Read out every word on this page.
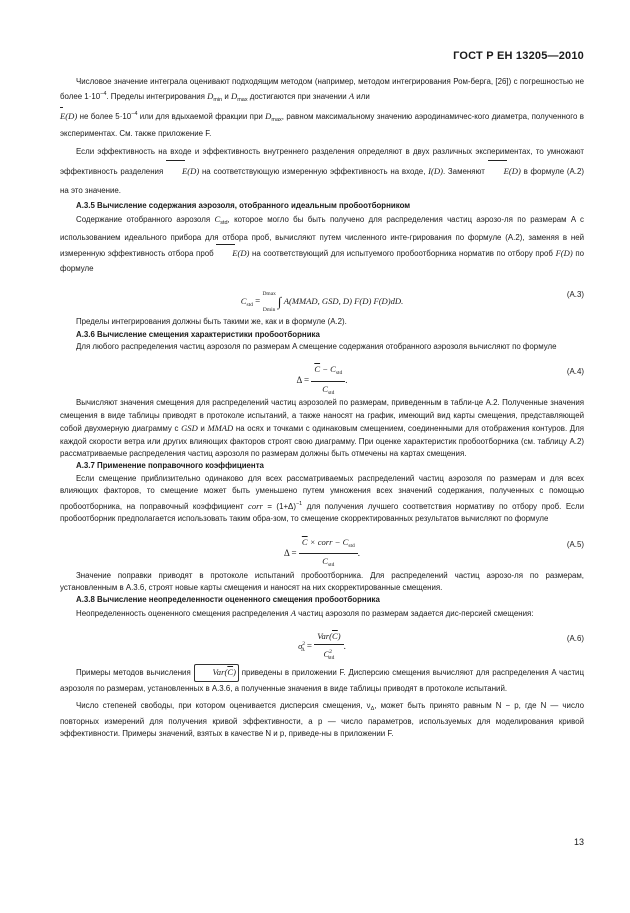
ГОСТ Р ЕН 13205—2010

Числовое значение интеграла оценивают подходящим методом (например, методом интегрирования Ром-берга, [26]) с погрешностью не более $1\cdot 10^{-4}$. Пределы интегрирования $D_{min}$ и $D_{max}$ достигаются при значении A или

E(D) не более $5\cdot 10^{-4}$ или для вдыхаемой фракции при $D_{max}$, равном максимальному значению аэродинамичес-кого диаметра, полученного в экспериментах. См. также приложение F.

Если эффективность на входе и эффективность внутреннего разделения определяют в двух различных экспериментах, то умножают эффективность разделения
E(D) на соответствующую измеренную эффективность на входе, I(D). Заменяют
E(D) в формуле (A.2) на это значение.

A.3.5 Вычисление содержания аэрозоля, отобранного идеальным пробоотборником

Содержание отобранного аэрозоля $C_{std}$, которое могло бы быть получено для распределения частиц аэрозо-ля по размерам A с использованием идеального прибора для отбора проб, вычисляют путем численного инте-грирования по формуле (A.2), заменяя в ней измеренную эффективность отбора проб
E(D) на соответствующий для испытуемого пробоотборника норматив по отбору проб F(D) по формуле

$C_{std} = Dmax$
Dmin∫ A(MMAD, GSD, D) F(D) F(D)dD.
(A.3)

Пределы интегрирования должны быть такими же, как и в формуле (A.2).

A.3.6 Вычисление смещения характеристики пробоотборника

Для любого распределения частиц аэрозоля по размерам A смещение содержания отобранного аэрозоля вычисляют по формуле

$\Delta = \frac{\overline{C} - C_{std}}{C_{std}}$ .
(A.4)

Вычисляют значения смещения для распределений частиц аэрозолей по размерам, приведенным в табли-це A.2. Полученные значения смещения в виде таблицы приводят в протоколе испытаний, а также наносят на график, имеющий вид карты смещения, представляющей собой двухмерную диаграмму с GSD и MMAD на осях и точками с одинаковым смещением, соединенными для отображения контуров. Для каждой скорости ветра или других влияющих факторов строят свою диаграмму. При оценке характеристик пробоотборника (см. таблицу A.2) рассматриваемые распределения частиц аэрозоля по размерам должны быть отмечены на картах смещения.

A.3.7 Применение поправочного коэффициента

Если смещение приблизительно одинаково для всех рассматриваемых распределений частиц аэрозоля по размерам и для всех влияющих факторов, то смещение может быть уменьшено путем умножения всех значений содержания, полученных с помощью пробоотборника, на поправочный коэффициент corr = $(1+\Delta)^{-1}$ для получения лучшего соответствия нормативу по отбору проб. Если пробоотборник предполагается использовать таким обра-зом, то смещение скорректированных результатов вычисляют по формуле

$\Delta = \frac{\overline{C} \times corr - C_{std}}{C_{std}}$ .
(A.5)

Значение поправки приводят в протоколе испытаний пробоотборника. Для распределений частиц аэрозо-ля по размерам, установленным в A.3.6, строят новые карты смещения и наносят на них скорректированные смещения.

A.3.8 Вычисление неопределенности оцененного смещения пробоотборника

Неопределенность оцененного смещения распределения A частиц аэрозоля по размерам задается дис-персией смещения:

$\sigma^2_\Delta = \frac{Var(\overline{C})}{C^2_{std}}$ .
(A.6)

Примеры методов вычисления $Var(\overline{C})$ приведены в приложении F. Дисперсию смещения вычисляют для распределения A частиц аэрозоля по размерам, установленных в A.3.6, а полученные значения в виде таблицы приводят в протоколе испытаний.

Число степеней свободы, при котором оценивается дисперсия смещения, $\nu_\Delta$, может быть принято равным N − p, где N — число повторных измерений для получения кривой эффективности, а p — число параметров, используемых для моделирования кривой эффективности. Примеры значений, взятых в качестве N и p, приведе-ны в приложении F.

13
